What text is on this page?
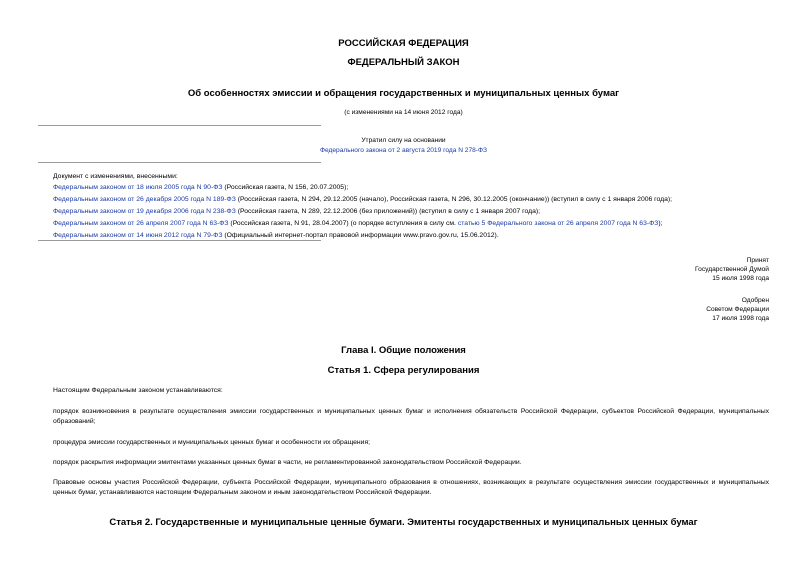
РОССИЙСКАЯ ФЕДЕРАЦИЯ
ФЕДЕРАЛЬНЫЙ ЗАКОН
Об особенностях эмиссии и обращения государственных и муниципальных ценных бумаг
(с изменениями на 14 июня 2012 года)
Утратил силу на основании
Федерального закона от 2 августа 2019 года N 278-ФЗ
Документ с изменениями, внесенными:
Федеральным законом от 18 июля 2005 года N 90-ФЗ (Российская газета, N 156, 20.07.2005);
Федеральным законом от 26 декабря 2005 года N 189-ФЗ (Российская газета, N 294, 29.12.2005 (начало), Российская газета, N 296, 30.12.2005 (окончание)) (вступил в силу с 1 января 2006 года);
Федеральным законом от 19 декабря 2006 года N 238-ФЗ (Российская газета, N 289, 22.12.2006 (без приложений)) (вступил в силу с 1 января 2007 года);
Федеральным законом от 26 апреля 2007 года N 63-ФЗ (Российская газета, N 91, 28.04.2007) (о порядке вступления в силу см. статью 5 Федерального закона от 26 апреля 2007 года N 63-ФЗ);
Федеральным законом от 14 июня 2012 года N 79-ФЗ (Официальный интернет-портал правовой информации www.pravo.gov.ru, 15.06.2012).
Принят
Государственной Думой
15 июля 1998 года
Одобрен
Советом Федерации
17 июля 1998 года
Глава I. Общие положения
Статья 1. Сфера регулирования
Настоящим Федеральным законом устанавливаются:
порядок возникновения в результате осуществления эмиссии государственных и муниципальных ценных бумаг и исполнения обязательств Российской Федерации, субъектов Российской Федерации, муниципальных образований;
процедура эмиссии государственных и муниципальных ценных бумаг и особенности их обращения;
порядок раскрытия информации эмитентами указанных ценных бумаг в части, не регламентированной законодательством Российской Федерации.
Правовые основы участия Российской Федерации, субъекта Российской Федерации, муниципального образования в отношениях, возникающих в результате осуществления эмиссии государственных и муниципальных ценных бумаг, устанавливаются настоящим Федеральным законом и иным законодательством Российской Федерации.
Статья 2. Государственные и муниципальные ценные бумаги. Эмитенты государственных и муниципальных ценных бумаг
